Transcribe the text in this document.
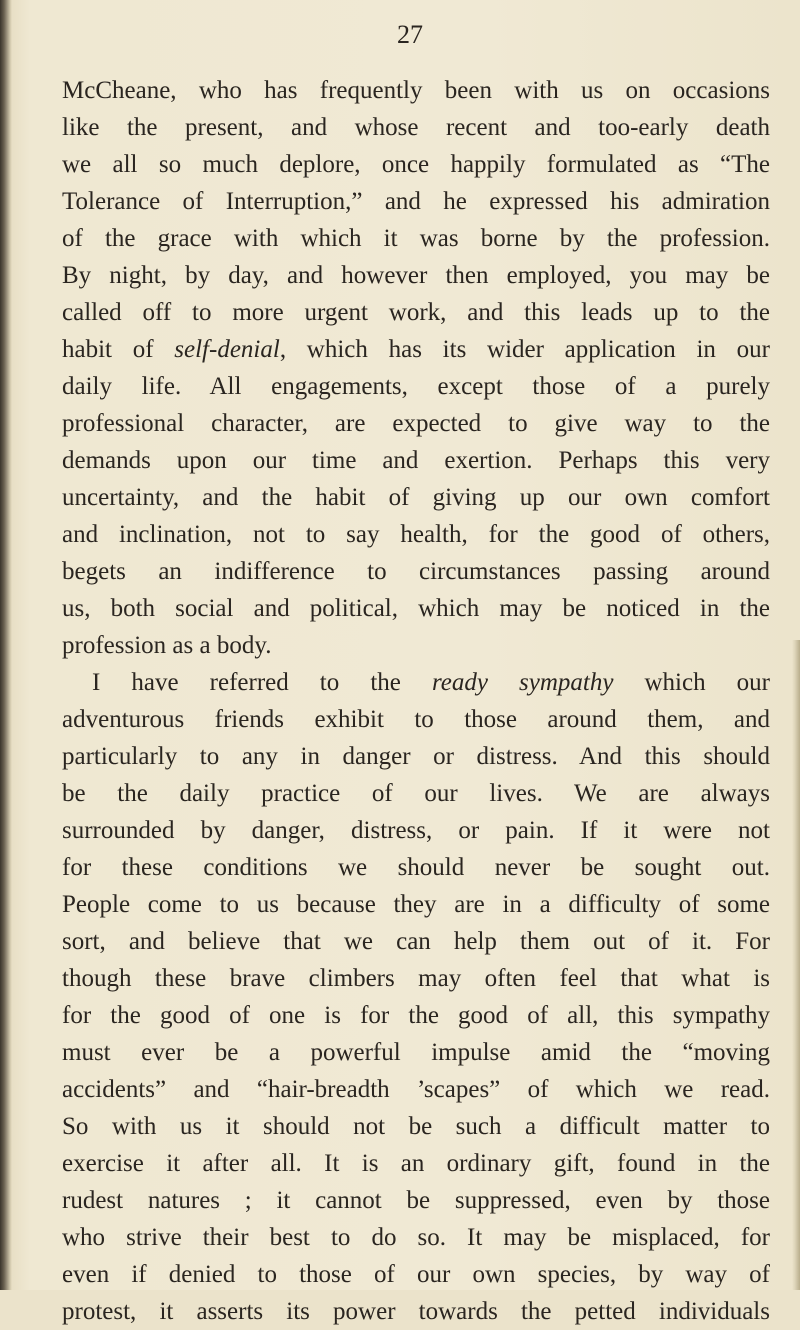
27
McCheane, who has frequently been with us on occasions
like the present, and whose recent and too-early death
we all so much deplore, once happily formulated as “The
Tolerance of Interruption,” and he expressed his admiration
of the grace with which it was borne by the profession.
By night, by day, and however then employed, you may be
called off to more urgent work, and this leads up to the
habit of self-denial, which has its wider application in our
daily life. All engagements, except those of a purely
professional character, are expected to give way to the
demands upon our time and exertion. Perhaps this very
uncertainty, and the habit of giving up our own comfort
and inclination, not to say health, for the good of others,
begets an indifference to circumstances passing around
us, both social and political, which may be noticed in the
profession as a body.
I have referred to the ready sympathy which our
adventurous friends exhibit to those around them, and
particularly to any in danger or distress. And this should
be the daily practice of our lives. We are always
surrounded by danger, distress, or pain. If it were not
for these conditions we should never be sought out.
People come to us because they are in a difficulty of some
sort, and believe that we can help them out of it. For
though these brave climbers may often feel that what is
for the good of one is for the good of all, this sympathy
must ever be a powerful impulse amid the “moving
accidents” and “hair-breadth ’scapes” of which we read.
So with us it should not be such a difficult matter to
exercise it after all. It is an ordinary gift, found in the
rudest natures ; it cannot be suppressed, even by those
who strive their best to do so. It may be misplaced, for
even if denied to those of our own species, by way of
protest, it asserts its power towards the petted individuals
